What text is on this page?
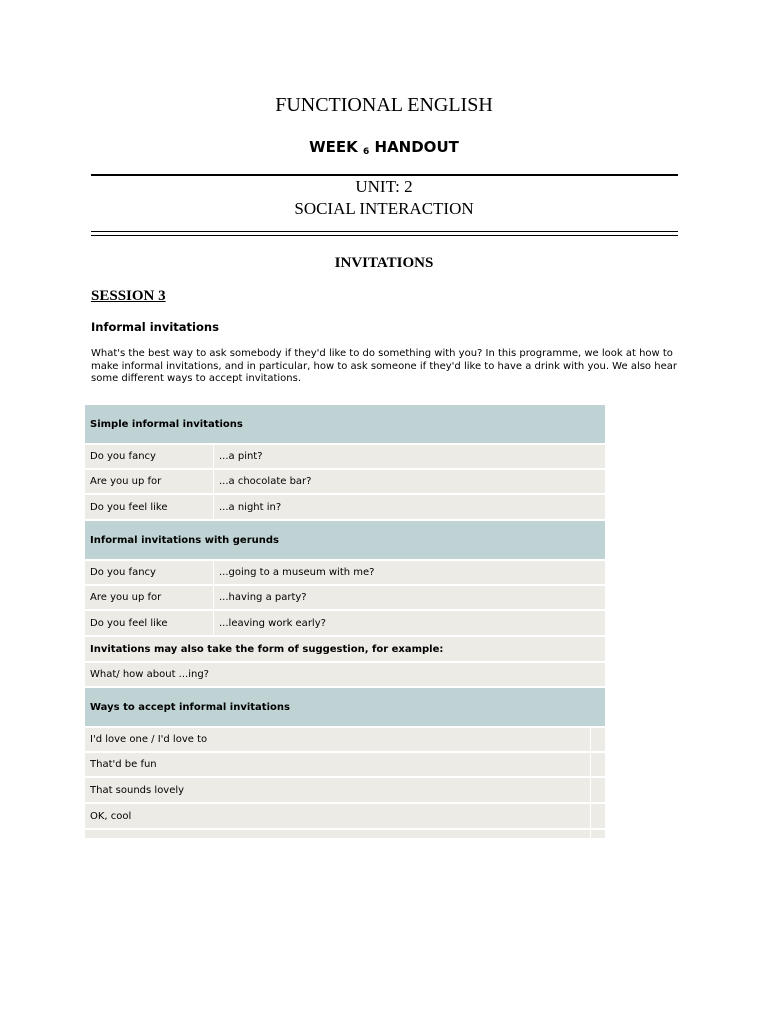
FUNCTIONAL ENGLISH
WEEK $_6$ HANDOUT
UNIT: 2
SOCIAL INTERACTION
INVITATIONS
SESSION 3
Informal invitations
What's the best way to ask somebody if they'd like to do something with you? In this programme, we look at how to make informal invitations, and in particular, how to ask someone if they'd like to have a drink with you. We also hear some different ways to accept invitations.
Simple informal invitations
Do you fancy	...a pint?
Are you up for	...a chocolate bar?
Do you feel like	...a night in?
Informal invitations with gerunds
Do you fancy	...going to a museum with me?
Are you up for	...having a party?
Do you feel like	...leaving work early?
Invitations may also take the form of suggestion, for example:
What/ how about ...ing?
Ways to accept informal invitations
I'd love one / I'd love to
That'd be fun
That sounds lovely
OK, cool
